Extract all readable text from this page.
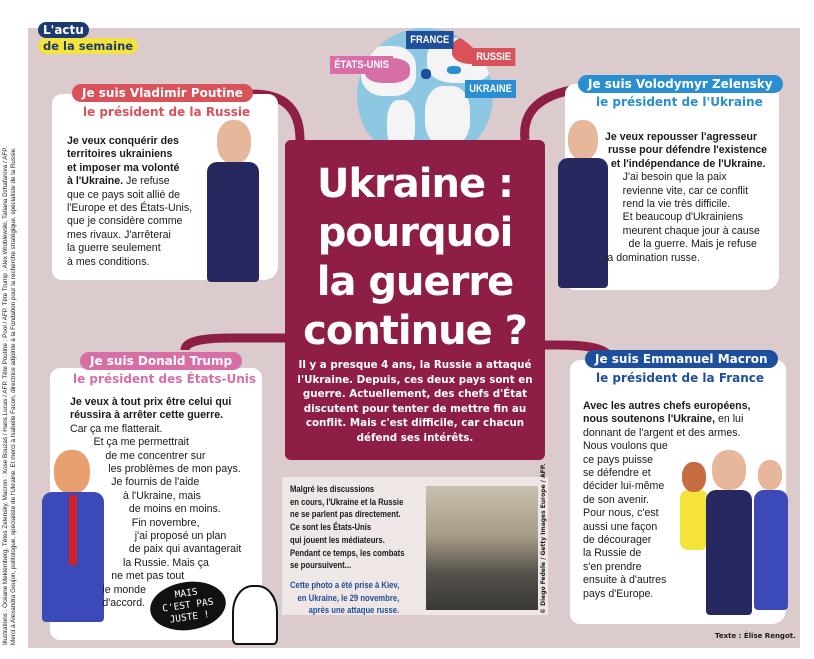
L'actu
de la semaine
Illustrations : Océane Meklemberg. Têtes Zelensky, Macron : Xose Bouzas / Hans Lucas / AFP. Tête Poutine : Pool / AFP. Tête Trump : Alex Wroblewski, Tatiana Dzhafarova / AFP. Merci à Alexandra Goujon, politologue, spécialiste de l'Ukraine. Et merci à Isabelle Facon, directrice adjointe à la Fondation pour la recherche stratégique, spécialiste de la Russie.
FRANCE
ÉTATS-UNIS
RUSSIE
UKRAINE
Ukraine :
pourquoi
la guerre
continue ?
Il y a presque 4 ans, la Russie a attaqué l'Ukraine. Depuis, ces deux pays sont en guerre. Actuellement, des chefs d'État discutent pour tenter de mettre fin au conflit. Mais c'est difficile, car chacun défend ses intérêts.
Je suis Vladimir Poutine
le président de la Russie
Je veux conquérir des
territoires ukrainiens
et imposer ma volonté
à l'Ukraine. Je refuse
que ce pays soit allié de
l'Europe et des États-Unis,
que je considère comme
mes rivaux. J'arrêterai
la guerre seulement
à mes conditions.
Je suis Volodymyr Zelensky
le président de l'Ukraine
Je veux repousser l'agresseur
russe pour défendre l'existence
et l'indépendance de l'Ukraine.
J'ai besoin que la paix
revienne vite, car ce conflit
rend la vie très difficile.
Et beaucoup d'Ukrainiens
meurent chaque jour à cause
de la guerre. Mais je refuse
la domination russe.
Je suis Donald Trump
le président des États-Unis
Je veux à tout prix être celui qui
réussira à arrêter cette guerre.
Car ça me flatterait.
Et ça me permettrait
de me concentrer sur
les problèmes de mon pays.
Je fournis de l'aide
à l'Ukraine, mais
de moins en moins.
Fin novembre,
j'ai proposé un plan
de paix qui avantagerait
la Russie. Mais ça
ne met pas tout
le monde
d'accord.
MAIS
C'EST PAS
JUSTE !
Je suis Emmanuel Macron
le président de la France
Avec les autres chefs européens,
nous soutenons l'Ukraine, en lui
donnant de l'argent et des armes.
Nous voulons que
ce pays puisse
se défendre et
décider lui-même
de son avenir.
Pour nous, c'est
aussi une façon
de décourager
la Russie de
s'en prendre
ensuite à d'autres
pays d'Europe.
Texte : Élise Rengot.
Malgré les discussions
en cours, l'Ukraine et la Russie
ne se parlent pas directement.
Ce sont les États-Unis
qui jouent les médiateurs.
Pendant ce temps, les combats
se poursuivent...
Cette photo a été prise à Kiev,
en Ukraine, le 29 novembre,
après une attaque russe.	© Diego Fedele / Getty Images Europe / AFP.
